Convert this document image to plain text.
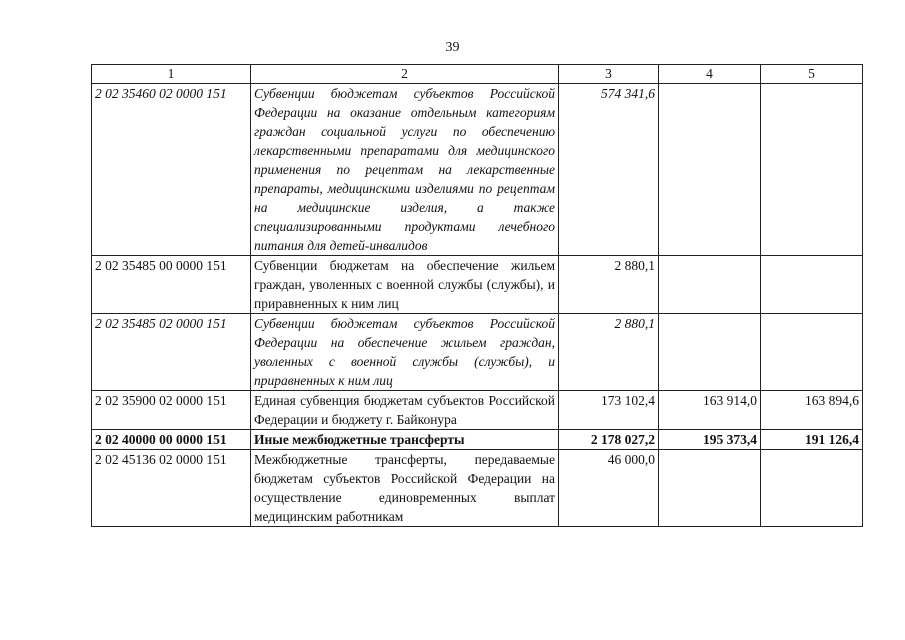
39
1	2	3	4	5
2 02 35460 02 0000 151	Субвенции бюджетам субъектов Российской Федерации на оказание отдельным категориям граждан социальной услуги по обеспечению лекарственными препаратами для медицинского применения по рецептам на лекарственные препараты, медицинскими изделиями по рецептам на медицинские изделия, а также специализированными продуктами лечебного питания для детей-инвалидов	574 341,6		
2 02 35485 00 0000 151	Субвенции бюджетам на обеспечение жильем граждан, уволенных с военной службы (службы), и приравненных к ним лиц	2 880,1		
2 02 35485 02 0000 151	Субвенции бюджетам субъектов Российской Федерации на обеспечение жильем граждан, уволенных с военной службы (службы), и приравненных к ним лиц	2 880,1		
2 02 35900 02 0000 151	Единая субвенция бюджетам субъектов Российской Федерации и бюджету г. Байконура	173 102,4	163 914,0	163 894,6
2 02 40000 00 0000 151	Иные межбюджетные трансферты	2 178 027,2	195 373,4	191 126,4
2 02 45136 02 0000 151	Межбюджетные трансферты, передаваемые бюджетам субъектов Российской Федерации на осуществление единовременных выплат медицинским работникам	46 000,0		
